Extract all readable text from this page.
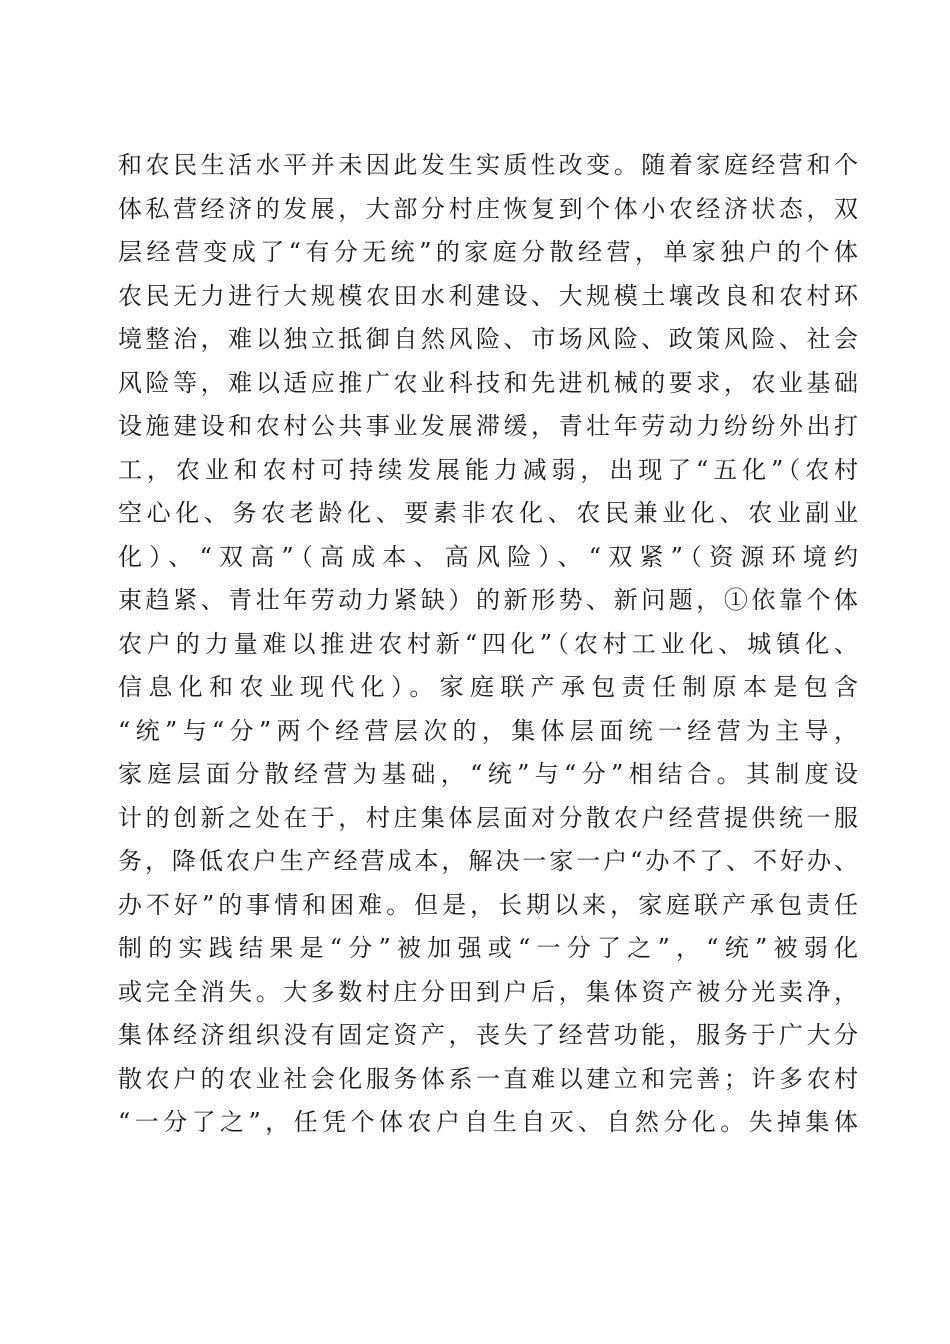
和农民生活水平并未因此发生实质性改变。随着家庭经营和个
体私营经济的发展，大部分村庄恢复到个体小农经济状态，双
层经营变成了“有分无统”的家庭分散经营，单家独户的个体
农民无力进行大规模农田水利建设、大规模土壤改良和农村环
境整治，难以独立抵御自然风险、市场风险、政策风险、社会
风险等，难以适应推广农业科技和先进机械的要求，农业基础
设施建设和农村公共事业发展滞缓，青壮年劳动力纷纷外出打
工，农业和农村可持续发展能力减弱，出现了“五化”（农村
空心化、务农老龄化、要素非农化、农民兼业化、农业副业
化）、“双高”（高成本、高风险）、“双紧”（资源环境约
束趋紧、青壮年劳动力紧缺）的新形势、新问题，①依靠个体
农户的力量难以推进农村新“四化”（农村工业化、城镇化、
信息化和农业现代化）。家庭联产承包责任制原本是包含
“统”与“分”两个经营层次的，集体层面统一经营为主导，
家庭层面分散经营为基础，“统”与“分”相结合。其制度设
计的创新之处在于，村庄集体层面对分散农户经营提供统一服
务，降低农户生产经营成本，解决一家一户“办不了、不好办、
办不好”的事情和困难。但是，长期以来，家庭联产承包责任
制的实践结果是“分”被加强或“一分了之”，“统”被弱化
或完全消失。大多数村庄分田到户后，集体资产被分光卖净，
集体经济组织没有固定资产，丧失了经营功能，服务于广大分
散农户的农业社会化服务体系一直难以建立和完善；许多农村
“一分了之”，任凭个体农户自生自灭、自然分化。失掉集体
